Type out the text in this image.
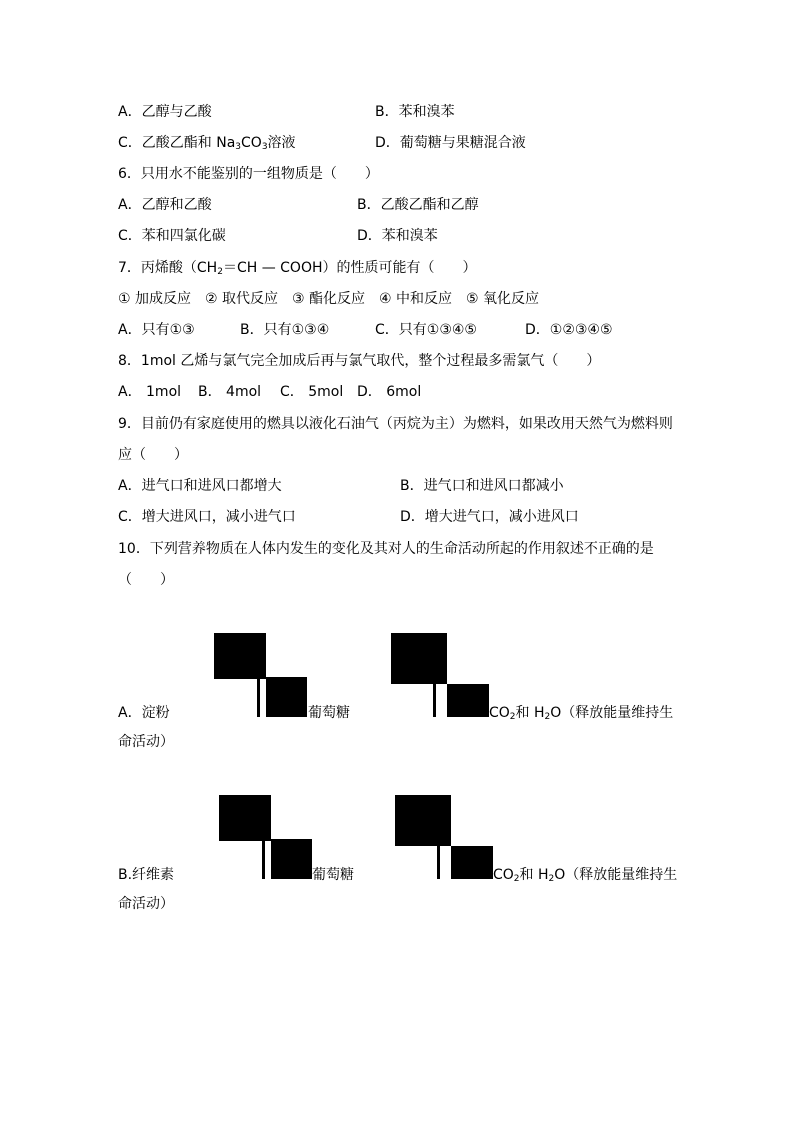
A．乙醇与乙酸	B．苯和溴苯
C．乙酸乙酯和 $Na_3CO_3$溶液	D．葡萄糖与果糖混合液
6．只用水不能鉴别的一组物质是（　　）
A．乙醇和乙酸	B．乙酸乙酯和乙醇
C．苯和四氯化碳	D．苯和溴苯
7．丙烯酸（$CH_2=CH$ — COOH）的性质可能有（　　）
① 加成反应　② 取代反应　③ 酯化反应　④ 中和反应　⑤ 氧化反应
A．只有①③	B．只有①③④	C．只有①③④⑤	D．①②③④⑤
8．1mol 乙烯与氯气完全加成后再与氯气取代，整个过程最多需氯气（　　）
A． 1mol B． 4mol C． 5mol D． 6mol
9．目前仍有家庭使用的燃具以液化石油气（丙烷为主）为燃料，如果改用天然气为燃料则
应（　　）
A．进气口和进风口都增大	B．进气口和进风口都减小
C．增大进风口，减小进气口	D．增大进气口，减小进风口
10．下列营养物质在人体内发生的变化及其对人的生命活动所起的作用叙述不正确的是
（　　）
A．淀粉	葡萄糖	$CO_2$和 $H_2O$（释放能量维持生
命活动）
B.纤维素	葡萄糖	$CO_2$和 $H_2O$（释放能量维持生
命活动）
